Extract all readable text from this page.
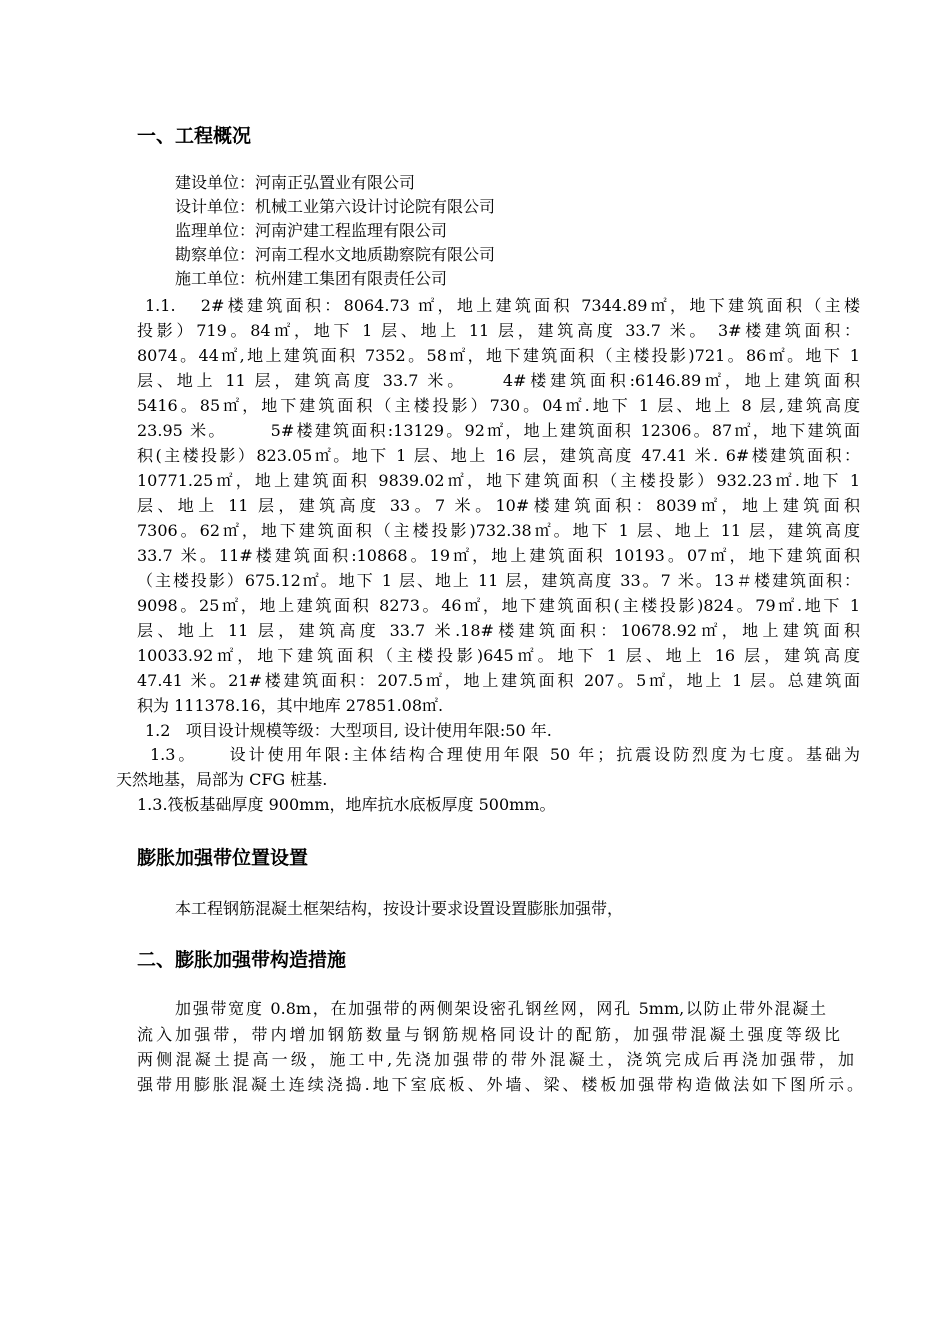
一、工程概况
建设单位：河南正弘置业有限公司
设计单位：机械工业第六设计讨论院有限公司
监理单位：河南沪建工程监理有限公司
勘察单位：河南工程水文地质勘察院有限公司
施工单位：杭州建工集团有限责任公司
1.1.   2#楼建筑面积：8064.73 ㎡，地上建筑面积 7344.89㎡，地下建筑面积（主楼
投影）719。84㎡，地下 1 层、地上 11 层，建筑高度 33.7 米。 3#楼建筑面积：
8074。44㎡,地上建筑面积 7352。58㎡，地下建筑面积（主楼投影)721。86㎡。地下 1
层、地上 11 层，建筑高度 33.7 米。    4#楼建筑面积:6146.89㎡，地上建筑面积
5416。85㎡，地下建筑面积（主楼投影）730。04㎡.地下 1 层、地上 8 层,建筑高度
23.95 米。      5#楼建筑面积:13129。92㎡，地上建筑面积 12306。87㎡，地下建筑面
积(主楼投影）823.05㎡。地下 1 层、地上 16 层，建筑高度 47.41 米. 6#楼建筑面积：
10771.25㎡，地上建筑面积 9839.02㎡，地下建筑面积（主楼投影）932.23㎡.地下 1
层、地上 11 层，建筑高度 33。7 米。10#楼建筑面积：8039㎡，地上建筑面积
7306。62㎡，地下建筑面积（主楼投影)732.38㎡。地下 1 层、地上 11 层，建筑高度
33.7 米。11#楼建筑面积:10868。19㎡，地上建筑面积 10193。07㎡，地下建筑面积
（主楼投影）675.12㎡。地下 1 层、地上 11 层，建筑高度 33。7 米。13＃楼建筑面积：
9098。25㎡，地上建筑面积 8273。46㎡，地下建筑面积(主楼投影)824。79㎡.地下 1
层、地上 11 层，建筑高度 33.7 米.18#楼建筑面积：10678.92㎡，地上建筑面积
10033.92㎡，地下建筑面积（主楼投影)645㎡。地下 1 层、地上 16 层，建筑高度
47.41 米。21#楼建筑面积：207.5㎡，地上建筑面积 207。5㎡，地上 1 层。总建筑面
积为 111378.16，其中地库 27851.08㎡.
1.2   项目设计规模等级：大型项目, 设计使用年限:50 年.
1.3。    设计使用年限:主体结构合理使用年限 50 年；抗震设防烈度为七度。基础为
天然地基，局部为 CFG 桩基.
1.3.筏板基础厚度 900mm，地库抗水底板厚度 500mm。
膨胀加强带位置设置
本工程钢筋混凝土框架结构，按设计要求设置设置膨胀加强带，
二、膨胀加强带构造措施
加强带宽度 0.8m，在加强带的两侧架设密孔钢丝网，网孔 5mm,以防止带外混凝土
流入加强带，带内增加钢筋数量与钢筋规格同设计的配筋，加强带混凝土强度等级比
两侧混凝土提高一级，施工中,先浇加强带的带外混凝土，浇筑完成后再浇加强带，加
强带用膨胀混凝土连续浇捣.地下室底板、外墙、梁、楼板加强带构造做法如下图所示。
